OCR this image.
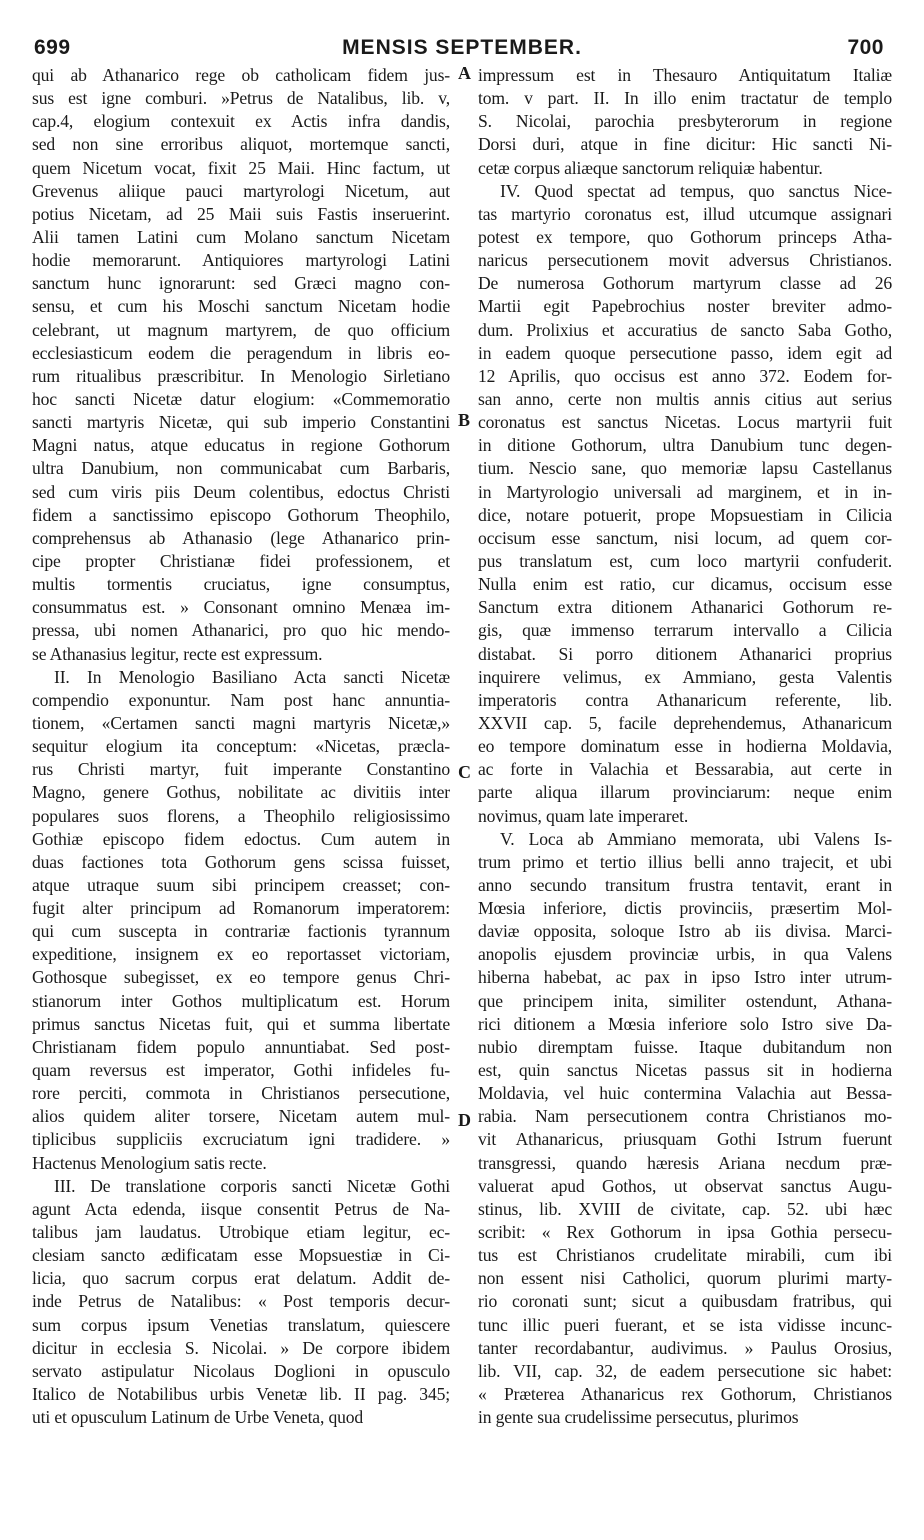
699	MENSIS SEPTEMBER.	700
A
B
C
D
qui ab Athanarico rege ob catholicam fidem jus-
sus est igne comburi. »Petrus de Natalibus, lib. v,
cap.4, elogium contexuit ex Actis infra dandis,
sed non sine erroribus aliquot, mortemque sancti,
quem Nicetum vocat, fixit 25 Maii. Hinc factum, ut
Grevenus aliique pauci martyrologi Nicetum, aut
potius Nicetam, ad 25 Maii suis Fastis inseruerint.
Alii tamen Latini cum Molano sanctum Nicetam
hodie memorarunt. Antiquiores martyrologi Latini
sanctum hunc ignorarunt: sed Græci magno con-
sensu, et cum his Moschi sanctum Nicetam hodie
celebrant, ut magnum martyrem, de quo officium
ecclesiasticum eodem die peragendum in libris eo-
rum ritualibus præscribitur. In Menologio Sirletiano
hoc sancti Nicetæ datur elogium: «Commemoratio
sancti martyris Nicetæ, qui sub imperio Constantini
Magni natus, atque educatus in regione Gothorum
ultra Danubium, non communicabat cum Barbaris,
sed cum viris piis Deum colentibus, edoctus Christi
fidem a sanctissimo episcopo Gothorum Theophilo,
comprehensus ab Athanasio (lege Athanarico prin-
cipe propter Christianæ fidei professionem, et
multis tormentis cruciatus, igne consumptus,
consummatus est. » Consonant omnino Menæa im-
pressa, ubi nomen Athanarici, pro quo hic mendo-
se Athanasius legitur, recte est expressum.
II. In Menologio Basiliano Acta sancti Nicetæ
compendio exponuntur. Nam post hanc annuntia-
tionem, «Certamen sancti magni martyris Nicetæ,»
sequitur elogium ita conceptum: «Nicetas, præcla-
rus Christi martyr, fuit imperante Constantino
Magno, genere Gothus, nobilitate ac divitiis inter
populares suos florens, a Theophilo religiosissimo
Gothiæ episcopo fidem edoctus. Cum autem in
duas factiones tota Gothorum gens scissa fuisset,
atque utraque suum sibi principem creasset; con-
fugit alter principum ad Romanorum imperatorem:
qui cum suscepta in contrariæ factionis tyrannum
expeditione, insignem ex eo reportasset victoriam,
Gothosque subegisset, ex eo tempore genus Chri-
stianorum inter Gothos multiplicatum est. Horum
primus sanctus Nicetas fuit, qui et summa libertate
Christianam fidem populo annuntiabat. Sed post-
quam reversus est imperator, Gothi infideles fu-
rore perciti, commota in Christianos persecutione,
alios quidem aliter torsere, Nicetam autem mul-
tiplicibus suppliciis excruciatum igni tradidere. »
Hactenus Menologium satis recte.
III. De translatione corporis sancti Nicetæ Gothi
agunt Acta edenda, iisque consentit Petrus de Na-
talibus jam laudatus. Utrobique etiam legitur, ec-
clesiam sancto ædificatam esse Mopsuestiæ in Ci-
licia, quo sacrum corpus erat delatum. Addit de-
inde Petrus de Natalibus: « Post temporis decur-
sum corpus ipsum Venetias translatum, quiescere
dicitur in ecclesia S. Nicolai. » De corpore ibidem
servato astipulatur Nicolaus Doglioni in opusculo
Italico de Notabilibus urbis Venetæ lib. II pag. 345;
uti et opusculum Latinum de Urbe Veneta, quod
impressum est in Thesauro Antiquitatum Italiæ
tom. v part. II. In illo enim tractatur de templo
S. Nicolai, parochia presbyterorum in regione
Dorsi duri, atque in fine dicitur: Hic sancti Ni-
cetæ corpus aliæque sanctorum reliquiæ habentur.
IV. Quod spectat ad tempus, quo sanctus Nice-
tas martyrio coronatus est, illud utcumque assignari
potest ex tempore, quo Gothorum princeps Atha-
naricus persecutionem movit adversus Christianos.
De numerosa Gothorum martyrum classe ad 26
Martii egit Papebrochius noster breviter admo-
dum. Prolixius et accuratius de sancto Saba Gotho,
in eadem quoque persecutione passo, idem egit ad
12 Aprilis, quo occisus est anno 372. Eodem for-
san anno, certe non multis annis citius aut serius
coronatus est sanctus Nicetas. Locus martyrii fuit
in ditione Gothorum, ultra Danubium tunc degen-
tium. Nescio sane, quo memoriæ lapsu Castellanus
in Martyrologio universali ad marginem, et in in-
dice, notare potuerit, prope Mopsuestiam in Cilicia
occisum esse sanctum, nisi locum, ad quem cor-
pus translatum est, cum loco martyrii confuderit.
Nulla enim est ratio, cur dicamus, occisum esse
Sanctum extra ditionem Athanarici Gothorum re-
gis, quæ immenso terrarum intervallo a Cilicia
distabat. Si porro ditionem Athanarici proprius
inquirere velimus, ex Ammiano, gesta Valentis
imperatoris contra Athanaricum referente, lib.
XXVII cap. 5, facile deprehendemus, Athanaricum
eo tempore dominatum esse in hodierna Moldavia,
ac forte in Valachia et Bessarabia, aut certe in
parte aliqua illarum provinciarum: neque enim
novimus, quam late imperaret.
V. Loca ab Ammiano memorata, ubi Valens Is-
trum primo et tertio illius belli anno trajecit, et ubi
anno secundo transitum frustra tentavit, erant in
Mœsia inferiore, dictis provinciis, præsertim Mol-
daviæ opposita, soloque Istro ab iis divisa. Marci-
anopolis ejusdem provinciæ urbis, in qua Valens
hiberna habebat, ac pax in ipso Istro inter utrum-
que principem inita, similiter ostendunt, Athana-
rici ditionem a Mœsia inferiore solo Istro sive Da-
nubio diremptam fuisse. Itaque dubitandum non
est, quin sanctus Nicetas passus sit in hodierna
Moldavia, vel huic contermina Valachia aut Bessa-
rabia. Nam persecutionem contra Christianos mo-
vit Athanaricus, priusquam Gothi Istrum fuerunt
transgressi, quando hæresis Ariana necdum præ-
valuerat apud Gothos, ut observat sanctus Augu-
stinus, lib. XVIII de civitate, cap. 52. ubi hæc
scribit: « Rex Gothorum in ipsa Gothia persecu-
tus est Christianos crudelitate mirabili, cum ibi
non essent nisi Catholici, quorum plurimi marty-
rio coronati sunt; sicut a quibusdam fratribus, qui
tunc illic pueri fuerant, et se ista vidisse incunc-
tanter recordabantur, audivimus. » Paulus Orosius,
lib. VII, cap. 32, de eadem persecutione sic habet:
« Præterea Athanaricus rex Gothorum, Christianos
in gente sua crudelissime persecutus, plurimos
